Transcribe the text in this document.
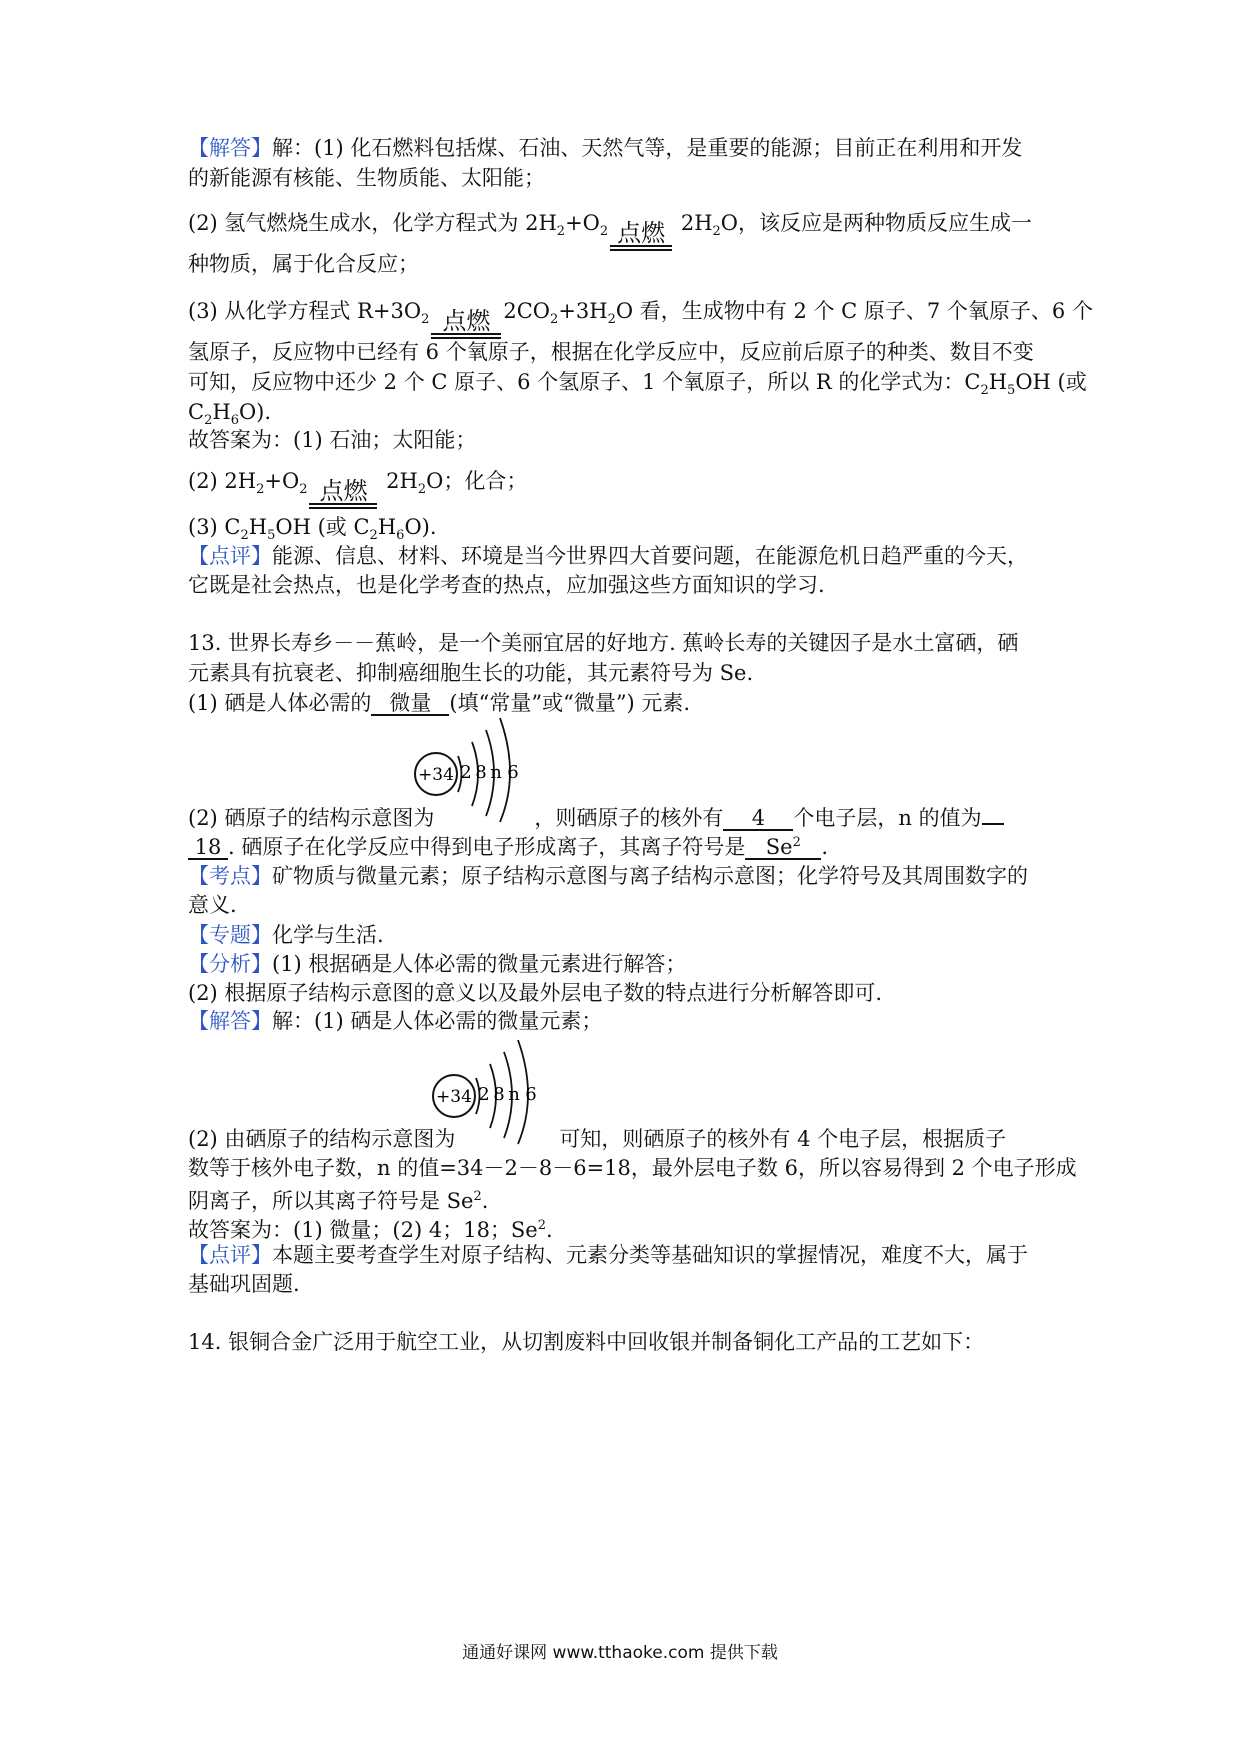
【解答】解：(1) 化石燃料包括煤、石油、天然气等，是重要的能源；目前正在利用和开发
的新能源有核能、生物质能、太阳能；
(2) 氢气燃烧生成水，化学方程式为 $2H_2+O_2$ 点燃 $2H_2O$，该反应是两种物质反应生成一
种物质，属于化合反应；
(3) 从化学方程式 $R+3O_2$ 点燃 $2CO_2+3H_2O$ 看，生成物中有 2 个 C 原子、7 个氧原子、6 个
氢原子，反应物中已经有 6 个氧原子，根据在化学反应中，反应前后原子的种类、数目不变
可知，反应物中还少 2 个 C 原子、6 个氢原子、1 个氧原子，所以 R 的化学式为：$C_2H_5OH$ (或
$C_2H_6O$).
故答案为：(1) 石油；太阳能；
(2) $2H_2+O_2$ 点燃 $2H_2O$；化合；
(3) $C_2H_5OH$ (或 $C_2H_6O$).
【点评】能源、信息、材料、环境是当今世界四大首要问题，在能源危机日趋严重的今天，
它既是社会热点，也是化学考查的热点，应加强这些方面知识的学习.
13. 世界长寿乡－－蕉岭，是一个美丽宜居的好地方. 蕉岭长寿的关键因子是水土富硒，硒
元素具有抗衰老、抑制癌细胞生长的功能，其元素符号为 Se.
(1) 硒是人体必需的 微量 (填“常量”或“微量”) 元素.
+34 2 8 n 6
(2) 硒原子的结构示意图为	，则硒原子的核外有 4 个电子层，n 的值为
18 . 硒原子在化学反应中得到电子形成离子，其离子符号是 Se$^2$ .
【考点】矿物质与微量元素；原子结构示意图与离子结构示意图；化学符号及其周围数字的
意义.
【专题】化学与生活.
【分析】(1) 根据硒是人体必需的微量元素进行解答；
(2) 根据原子结构示意图的意义以及最外层电子数的特点进行分析解答即可.
【解答】解：(1) 硒是人体必需的微量元素；
+34 2 8 n 6
(2) 由硒原子的结构示意图为	可知，则硒原子的核外有 4 个电子层，根据质子
数等于核外电子数，n 的值=34－2－8－6=18，最外层电子数 6，所以容易得到 2 个电子形成
阴离子，所以其离子符号是 Se$^2$.
故答案为：(1) 微量；(2) 4；18；Se$^2$.
【点评】本题主要考查学生对原子结构、元素分类等基础知识的掌握情况，难度不大，属于
基础巩固题.
14. 银铜合金广泛用于航空工业，从切割废料中回收银并制备铜化工产品的工艺如下：
通通好课网 www.tthaoke.com 提供下载
